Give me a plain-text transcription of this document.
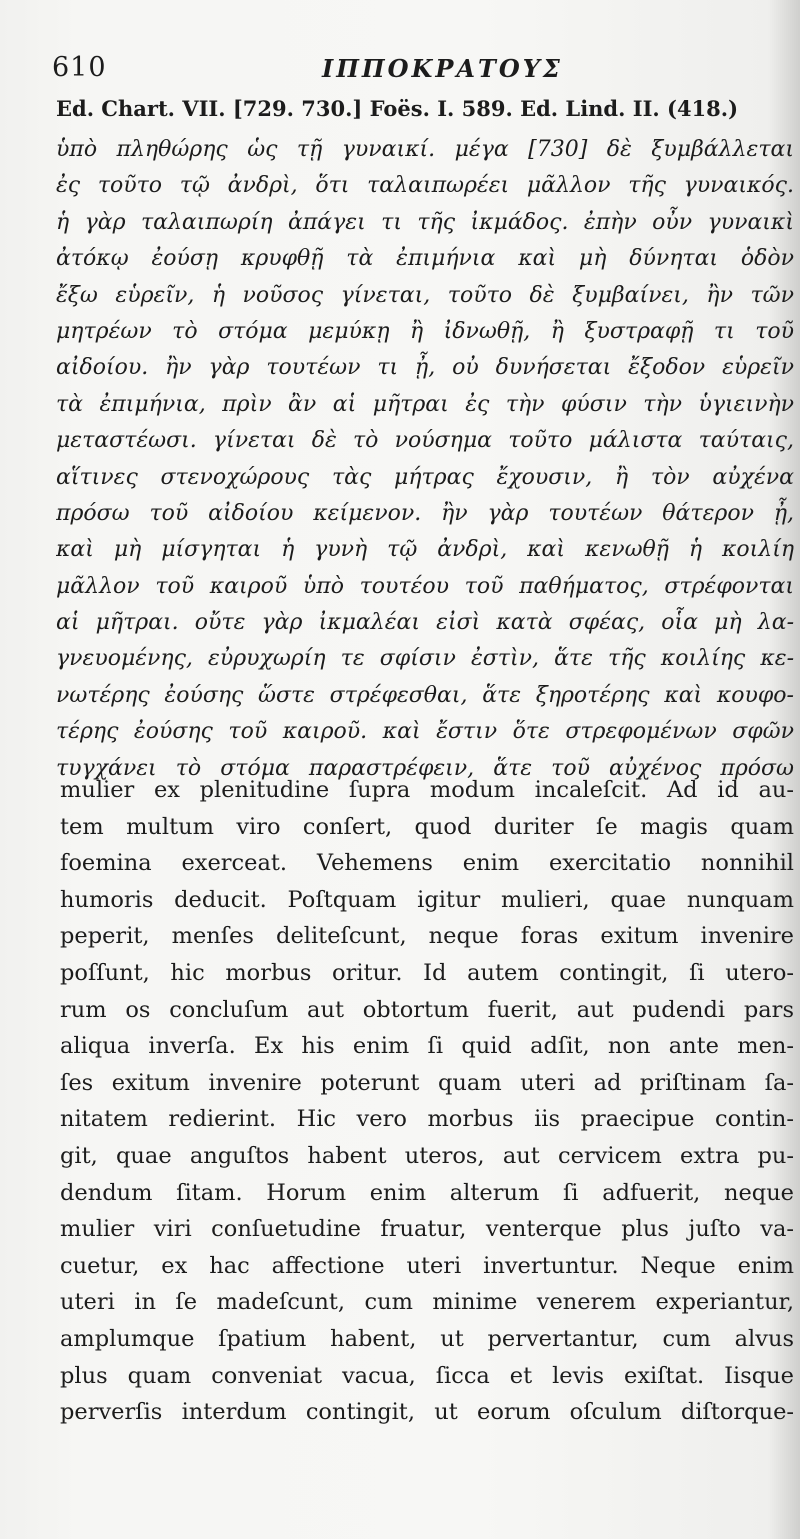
610	ΙΠΠΟΚΡΑΤΟΥΣ
Ed. Chart. VII. [729. 730.] Foës. I. 589. Ed. Lind. II. (418.)
ὑπὸ πληθώρης ὡς τῇ γυναικί. μέγα [730] δὲ ξυμβάλλεται
ἐς τοῦτο τῷ ἀνδρὶ, ὅτι ταλαιπωρέει μᾶλλον τῆς γυναικός.
ἡ γὰρ ταλαιπωρίη ἀπάγει τι τῆς ἰκμάδος. ἐπὴν οὖν γυναικὶ
ἀτόκῳ ἐούσῃ κρυφθῇ τὰ ἐπιμήνια καὶ μὴ δύνηται ὁδὸν
ἔξω εὑρεῖν, ἡ νοῦσος γίνεται, τοῦτο δὲ ξυμβαίνει, ἢν τῶν
μητρέων τὸ στόμα μεμύκῃ ἢ ἰδνωθῇ, ἢ ξυστραφῇ τι τοῦ
αἰδοίου. ἢν γὰρ τουτέων τι ᾖ, οὐ δυνήσεται ἔξοδον εὑρεῖν
τὰ ἐπιμήνια, πρὶν ἂν αἱ μῆτραι ἐς τὴν φύσιν τὴν ὑγιεινὴν
μεταστέωσι. γίνεται δὲ τὸ νούσημα τοῦτο μάλιστα ταύταις,
αἵτινες στενοχώρους τὰς μήτρας ἔχουσιν, ἢ τὸν αὐχένα
πρόσω τοῦ αἰδοίου κείμενον. ἢν γὰρ τουτέων θάτερον ᾖ,
καὶ μὴ μίσγηται ἡ γυνὴ τῷ ἀνδρὶ, καὶ κενωθῇ ἡ κοιλίη
μᾶλλον τοῦ καιροῦ ὑπὸ τουτέου τοῦ παθήματος, στρέφονται
αἱ μῆτραι. οὔτε γὰρ ἰκμαλέαι εἰσὶ κατὰ σφέας, οἷα μὴ λα-
γνευομένης, εὐρυχωρίη τε σφίσιν ἐστὶν, ἅτε τῆς κοιλίης κε-
νωτέρης ἐούσης ὥστε στρέφεσθαι, ἅτε ξηροτέρης καὶ κουφο-
τέρης ἐούσης τοῦ καιροῦ. καὶ ἔστιν ὅτε στρεφομένων σφῶν
τυγχάνει τὸ στόμα παραστρέφειν, ἅτε τοῦ αὐχένος πρόσω
mulier ex plenitudine ſupra modum incaleſcit. Ad id au-
tem multum viro conſert, quod duriter ſe magis quam
foemina exerceat. Vehemens enim exercitatio nonnihil
humoris deducit. Poſtquam igitur mulieri, quae nunquam
peperit, menſes deliteſcunt, neque foras exitum invenire
poſſunt, hic morbus oritur. Id autem contingit, ſi utero-
rum os concluſum aut obtortum fuerit, aut pudendi pars
aliqua inverſa. Ex his enim ſi quid adſit, non ante men-
ſes exitum invenire poterunt quam uteri ad priſtinam ſa-
nitatem redierint. Hic vero morbus iis praecipue contin-
git, quae anguſtos habent uteros, aut cervicem extra pu-
dendum ſitam. Horum enim alterum ſi adfuerit, neque
mulier viri conſuetudine fruatur, venterque plus juſto va-
cuetur, ex hac affectione uteri invertuntur. Neque enim
uteri in ſe madeſcunt, cum minime venerem experiantur,
amplumque ſpatium habent, ut pervertantur, cum alvus
plus quam conveniat vacua, ſicca et levis exiſtat. Iisque
perverſis interdum contingit, ut eorum oſculum diſtorque-
